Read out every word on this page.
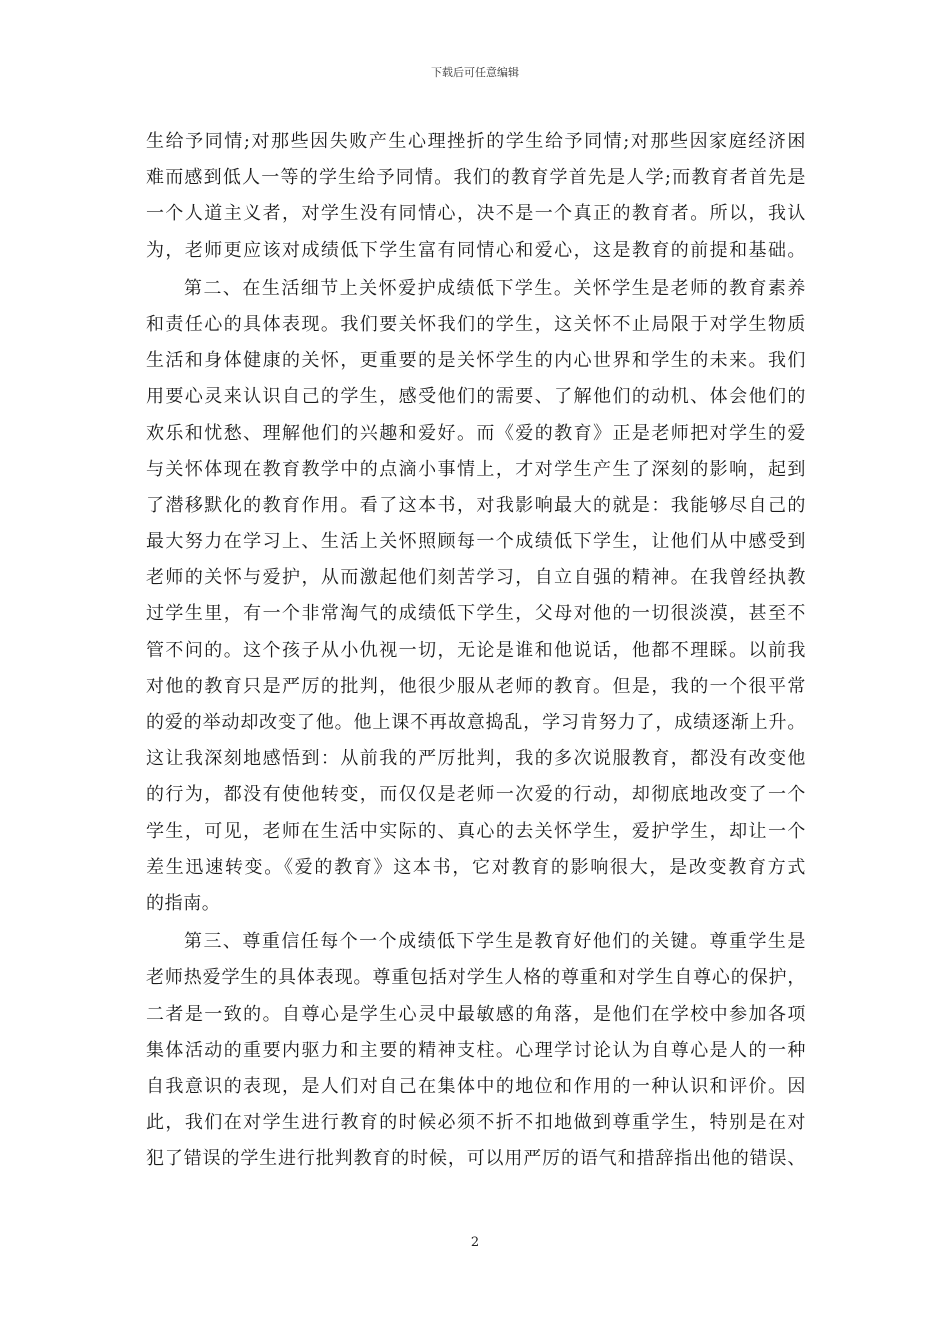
下载后可任意编辑
生给予同情;对那些因失败产生心理挫折的学生给予同情;对那些因家庭经济困
难而感到低人一等的学生给予同情。我们的教育学首先是人学;而教育者首先是
一个人道主义者，对学生没有同情心，决不是一个真正的教育者。所以，我认
为，老师更应该对成绩低下学生富有同情心和爱心，这是教育的前提和基础。
第二、在生活细节上关怀爱护成绩低下学生。关怀学生是老师的教育素养
和责任心的具体表现。我们要关怀我们的学生，这关怀不止局限于对学生物质
生活和身体健康的关怀，更重要的是关怀学生的内心世界和学生的未来。我们
用要心灵来认识自己的学生，感受他们的需要、了解他们的动机、体会他们的
欢乐和忧愁、理解他们的兴趣和爱好。而《爱的教育》正是老师把对学生的爱
与关怀体现在教育教学中的点滴小事情上，才对学生产生了深刻的影响，起到
了潜移默化的教育作用。看了这本书，对我影响最大的就是：我能够尽自己的
最大努力在学习上、生活上关怀照顾每一个成绩低下学生，让他们从中感受到
老师的关怀与爱护，从而激起他们刻苦学习，自立自强的精神。在我曾经执教
过学生里，有一个非常淘气的成绩低下学生，父母对他的一切很淡漠，甚至不
管不问的。这个孩子从小仇视一切，无论是谁和他说话，他都不理睬。以前我
对他的教育只是严厉的批判，他很少服从老师的教育。但是，我的一个很平常
的爱的举动却改变了他。他上课不再故意捣乱，学习肯努力了，成绩逐渐上升。
这让我深刻地感悟到：从前我的严厉批判，我的多次说服教育，都没有改变他
的行为，都没有使他转变，而仅仅是老师一次爱的行动，却彻底地改变了一个
学生，可见，老师在生活中实际的、真心的去关怀学生，爱护学生，却让一个
差生迅速转变。《爱的教育》这本书，它对教育的影响很大，是改变教育方式
的指南。
第三、尊重信任每个一个成绩低下学生是教育好他们的关键。尊重学生是
老师热爱学生的具体表现。尊重包括对学生人格的尊重和对学生自尊心的保护，
二者是一致的。自尊心是学生心灵中最敏感的角落，是他们在学校中参加各项
集体活动的重要内驱力和主要的精神支柱。心理学讨论认为自尊心是人的一种
自我意识的表现，是人们对自己在集体中的地位和作用的一种认识和评价。因
此，我们在对学生进行教育的时候必须不折不扣地做到尊重学生，特别是在对
犯了错误的学生进行批判教育的时候，可以用严厉的语气和措辞指出他的错误、
2
